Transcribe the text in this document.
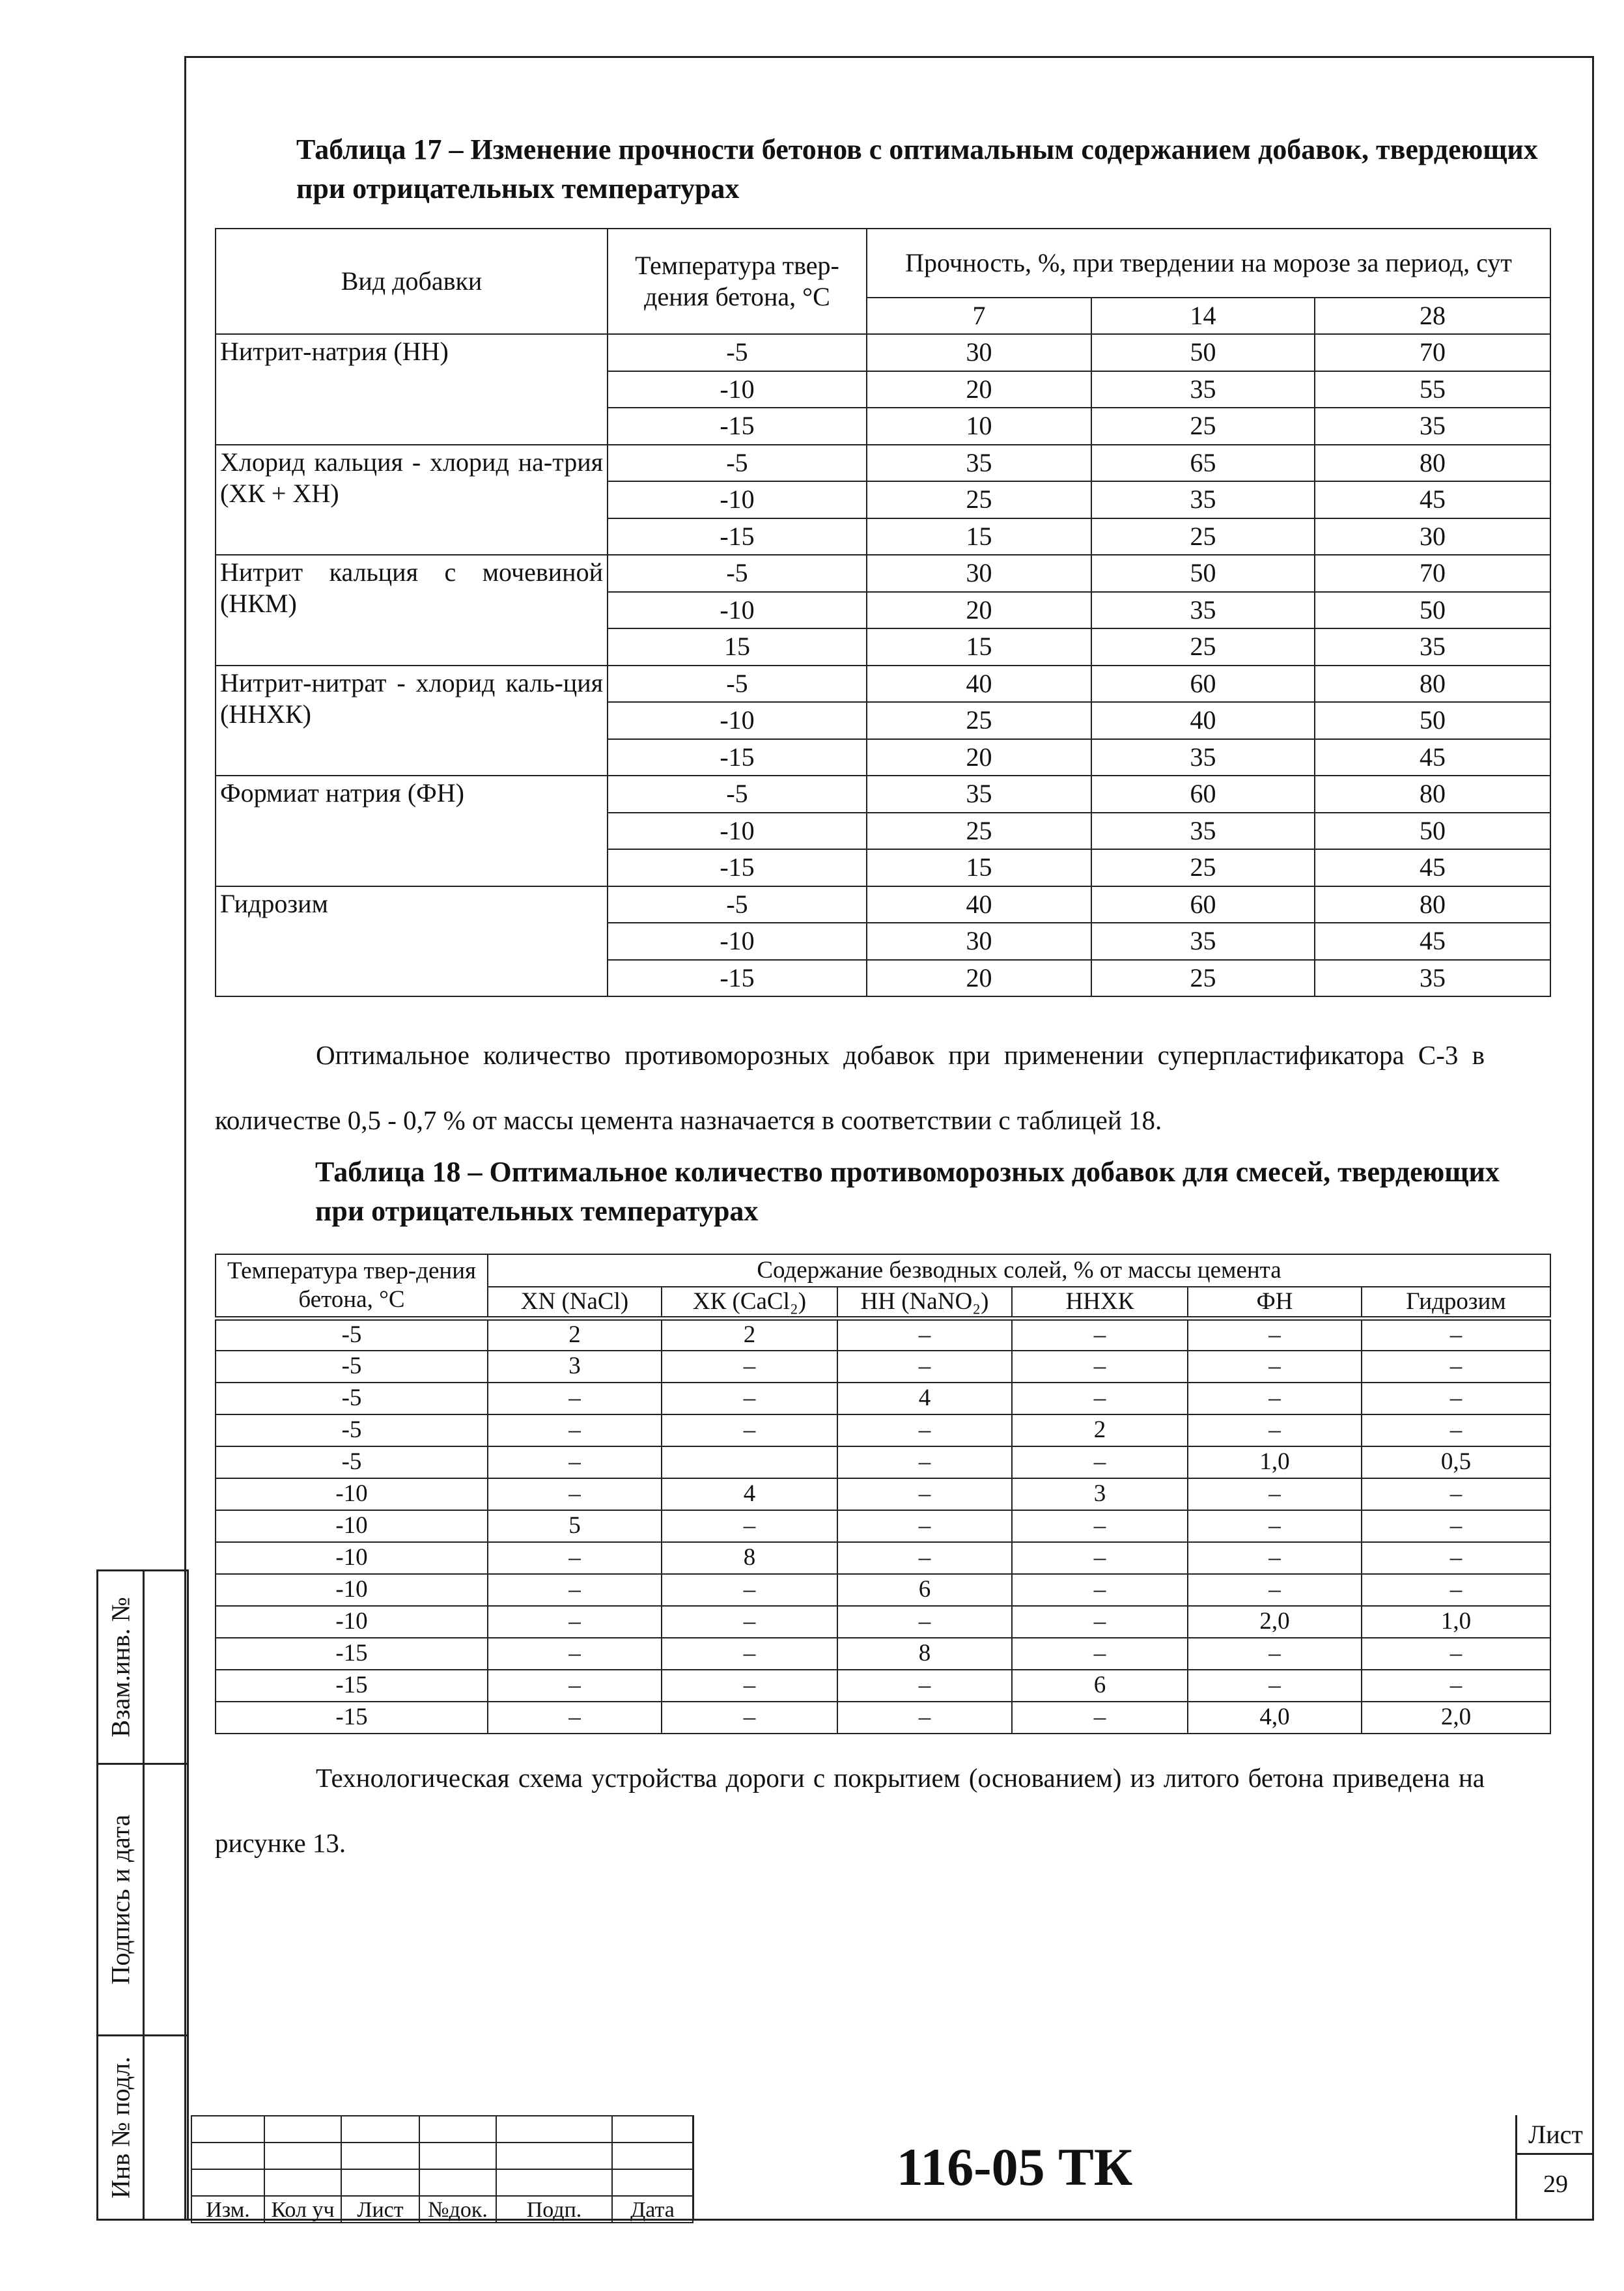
Таблица 17 – Изменение прочности бетонов с оптимальным содержанием добавок, твердеющих при отрицательных температурах
Вид добавки	Температура твер-дения бетона, °C	Прочность, %, при твердении на морозе за период, сут		
		7	14	28
Нитрит-натрия (НН)	-5	30	50	70
	-10	20	35	55
	-15	10	25	35
Хлорид кальция - хлорид на-трия (ХК + ХН)	-5	35	65	80
	-10	25	35	45
	-15	15	25	30
Нитрит кальция с мочевиной (НКМ)	-5	30	50	70
	-10	20	35	50
	15	15	25	35
Нитрит-нитрат - хлорид каль-ция (ННХК)	-5	40	60	80
	-10	25	40	50
	-15	20	35	45
Формиат натрия (ФН)	-5	35	60	80
	-10	25	35	50
	-15	15	25	45
Гидрозим	-5	40	60	80
	-10	30	35	45
	-15	20	25	35
Оптимальное количество противоморозных добавок при применении суперпластификатора С-3 в количестве 0,5 - 0,7 % от массы цемента назначается в соответствии с таблицей 18.
Таблица 18 – Оптимальное количество противоморозных добавок для смесей, твердеющих при отрицательных температурах
Температура твер-дения бетона, °C	Содержание безводных солей, % от массы цемента					
	ХN (NaCl)	ХК (CaCl₂)	НН (NaNO₂)	ННХК	ФН	Гидрозим
-5	2	2	–	–	–	–
-5	3	–	–	–	–	–
-5	–	–	4	–	–	–
-5	–	–	–	2	–	–
-5	–		–	–	1,0	0,5
-10	–	4	–	3	–	–
-10	5	–	–	–	–	–
-10	–	8	–	–	–	–
-10	–	–	6	–	–	–
-10	–	–	–	–	2,0	1,0
-15	–	–	8	–	–	–
-15	–	–	–	6	–	–
-15	–	–	–	–	4,0	2,0
Технологическая схема устройства дороги с покрытием (основанием) из литого бетона приведена на рисунке 13.
Взам.инв. №
Подпись и дата
Инв № подл.

Изм.	Кол уч	Лист	№док.	Подп.	Дата
116-05 ТК
Лист
29
